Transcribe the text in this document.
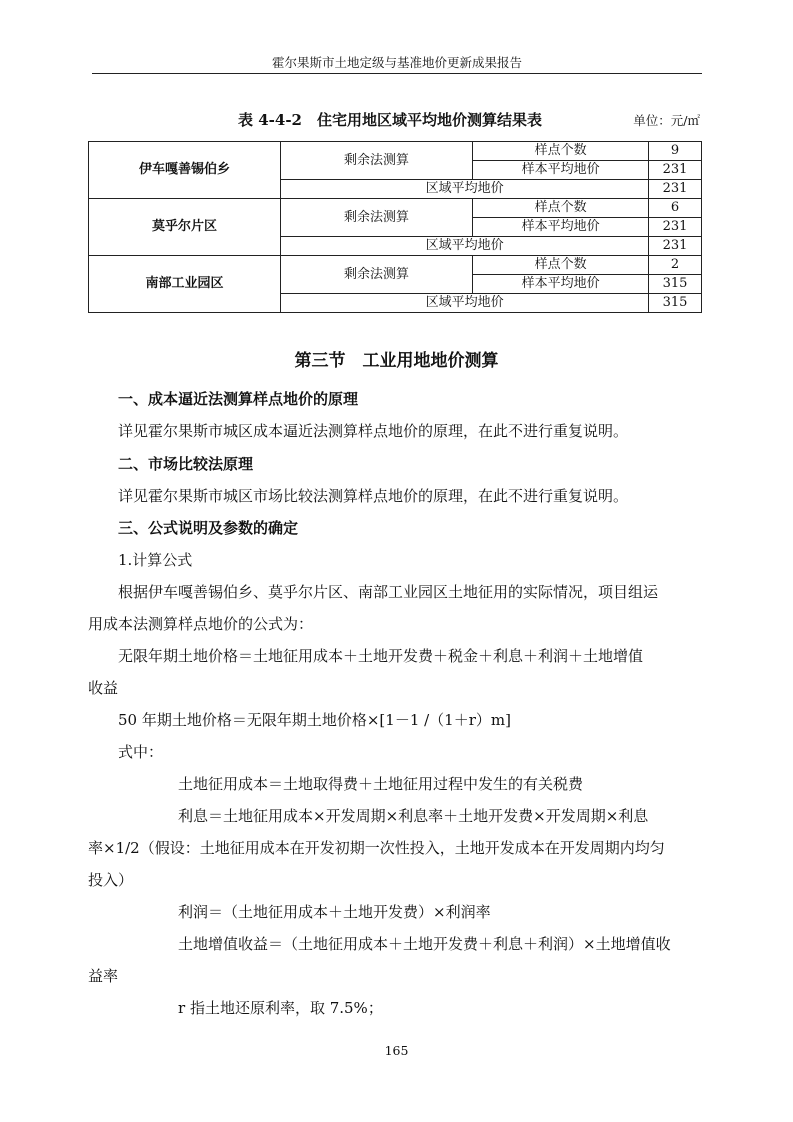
霍尔果斯市土地定级与基准地价更新成果报告
表 4-4-2　住宅用地区域平均地价测算结果表	单位：元/㎡
伊车嘎善锡伯乡	剩余法测算	样点个数	9
		样本平均地价	231
	区域平均地价		231
莫乎尔片区	剩余法测算	样点个数	6
		样本平均地价	231
	区域平均地价		231
南部工业园区	剩余法测算	样点个数	2
		样本平均地价	315
	区域平均地价		315
第三节　工业用地地价测算
一、成本逼近法测算样点地价的原理
详见霍尔果斯市城区成本逼近法测算样点地价的原理，在此不进行重复说明。
二、市场比较法原理
详见霍尔果斯市城区市场比较法测算样点地价的原理，在此不进行重复说明。
三、公式说明及参数的确定
1.计算公式
根据伊车嘎善锡伯乡、莫乎尔片区、南部工业园区土地征用的实际情况，项目组运
用成本法测算样点地价的公式为：
无限年期土地价格＝土地征用成本＋土地开发费＋税金＋利息＋利润＋土地增值
收益
50 年期土地价格＝无限年期土地价格×[1－1 /（1＋r）m]
式中：
土地征用成本＝土地取得费＋土地征用过程中发生的有关税费
利息＝土地征用成本×开发周期×利息率＋土地开发费×开发周期×利息
率×1/2（假设：土地征用成本在开发初期一次性投入，土地开发成本在开发周期内均匀
投入）
利润＝（土地征用成本＋土地开发费）×利润率
土地增值收益＝（土地征用成本＋土地开发费＋利息＋利润）×土地增值收
益率
r 指土地还原利率，取 7.5%；
165
